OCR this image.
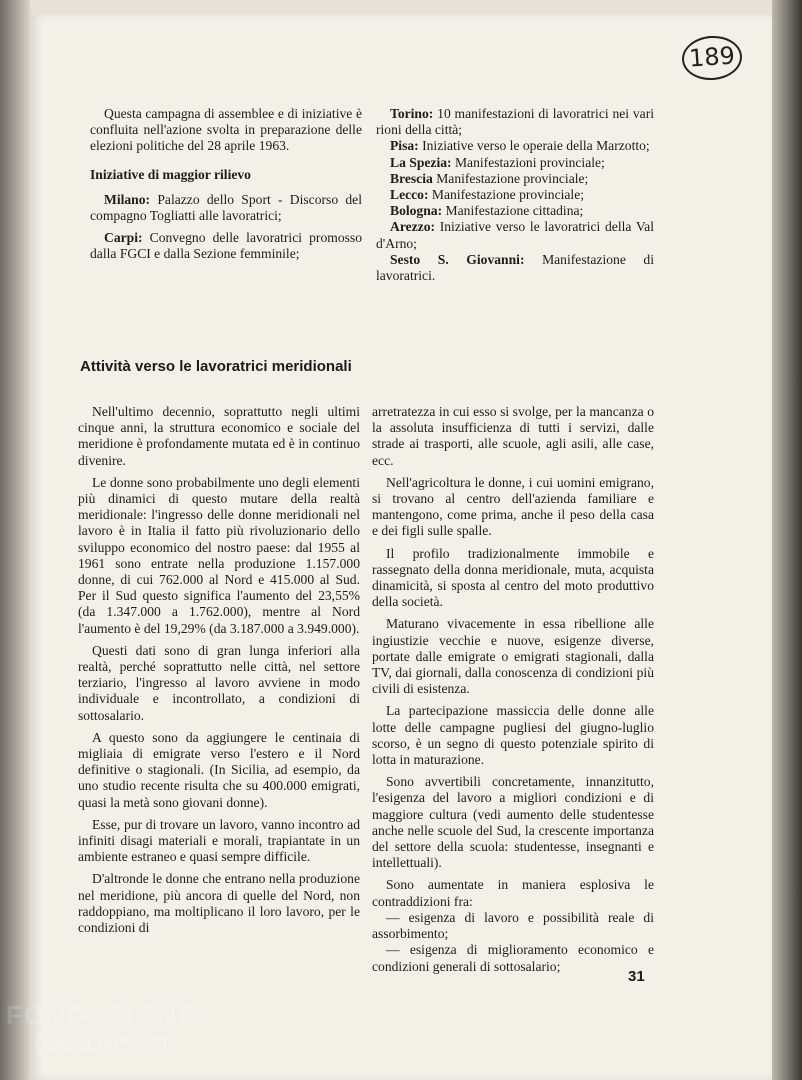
189

Questa campagna di assemblee e di iniziative è confluita nell'azione svolta in preparazione delle elezioni politiche del 28 aprile 1963.

Iniziative di maggior rilievo

Milano: Palazzo dello Sport - Discorso del compagno Togliatti alle lavoratrici;

Carpi: Convegno delle lavoratrici promosso dalla FGCI e dalla Sezione femminile;

Torino: 10 manifestazioni di lavoratrici nei vari rioni della città;

Pisa: Iniziative verso le operaie della Marzotto;

La Spezia: Manifestazioni provinciale;

Brescia Manifestazione provinciale;

Lecco: Manifestazione provinciale;

Bologna: Manifestazione cittadina;

Arezzo: Iniziative verso le lavoratrici della Val d'Arno;

Sesto S. Giovanni: Manifestazione di lavoratrici.

Attività verso le lavoratrici meridionali

Nell'ultimo decennio, soprattutto negli ultimi cinque anni, la struttura economico e sociale del meridione è profondamente mutata ed è in continuo divenire.

Le donne sono probabilmente uno degli elementi più dinamici di questo mutare della realtà meridionale: l'ingresso delle donne meridionali nel lavoro è in Italia il fatto più rivoluzionario dello sviluppo economico del nostro paese: dal 1955 al 1961 sono entrate nella produzione 1.157.000 donne, di cui 762.000 al Nord e 415.000 al Sud. Per il Sud questo significa l'aumento del 23,55% (da 1.347.000 a 1.762.000), mentre al Nord l'aumento è del 19,29% (da 3.187.000 a 3.949.000).

Questi dati sono di gran lunga inferiori alla realtà, perché soprattutto nelle città, nel settore terziario, l'ingresso al lavoro avviene in modo individuale e incontrollato, a condizioni di sottosalario.

A questo sono da aggiungere le centinaia di migliaia di emigrate verso l'estero e il Nord definitive o stagionali. (In Sicilia, ad esempio, da uno studio recente risulta che su 400.000 emigrati, quasi la metà sono giovani donne).

Esse, pur di trovare un lavoro, vanno incontro ad infiniti disagi materiali e morali, trapiantate in un ambiente estraneo e quasi sempre difficile.

D'altronde le donne che entrano nella produzione nel meridione, più ancora di quelle del Nord, non raddoppiano, ma moltiplicano il loro lavoro, per le condizioni di

arretratezza in cui esso si svolge, per la mancanza o la assoluta insufficienza di tutti i servizi, dalle strade ai trasporti, alle scuole, agli asili, alle case, ecc.

Nell'agricoltura le donne, i cui uomini emigrano, si trovano al centro dell'azienda familiare e mantengono, come prima, anche il peso della casa e dei figli sulle spalle.

Il profilo tradizionalmente immobile e rassegnato della donna meridionale, muta, acquista dinamicità, si sposta al centro del moto produttivo della società.

Maturano vivacemente in essa ribellione alle ingiustizie vecchie e nuove, esigenze diverse, portate dalle emigrate o emigrati stagionali, dalla TV, dai giornali, dalla conoscenza di condizioni più civili di esistenza.

La partecipazione massiccia delle donne alle lotte delle campagne pugliesi del giugno-luglio scorso, è un segno di questo potenziale spirito di lotta in maturazione.

Sono avvertibili concretamente, innanzitutto, l'esigenza del lavoro a migliori condizioni e di maggiore cultura (vedi aumento delle studentesse anche nelle scuole del Sud, la crescente importanza del settore della scuola: studentesse, insegnanti e intellettuali).

Sono aumentate in maniera esplosiva le contraddizioni fra:

— esigenza di lavoro e possibilità reale di assorbimento;

— esigenza di miglioramento economico e condizioni generali di sottosalario;

31
FONDAZIONE
GRAMSCI
